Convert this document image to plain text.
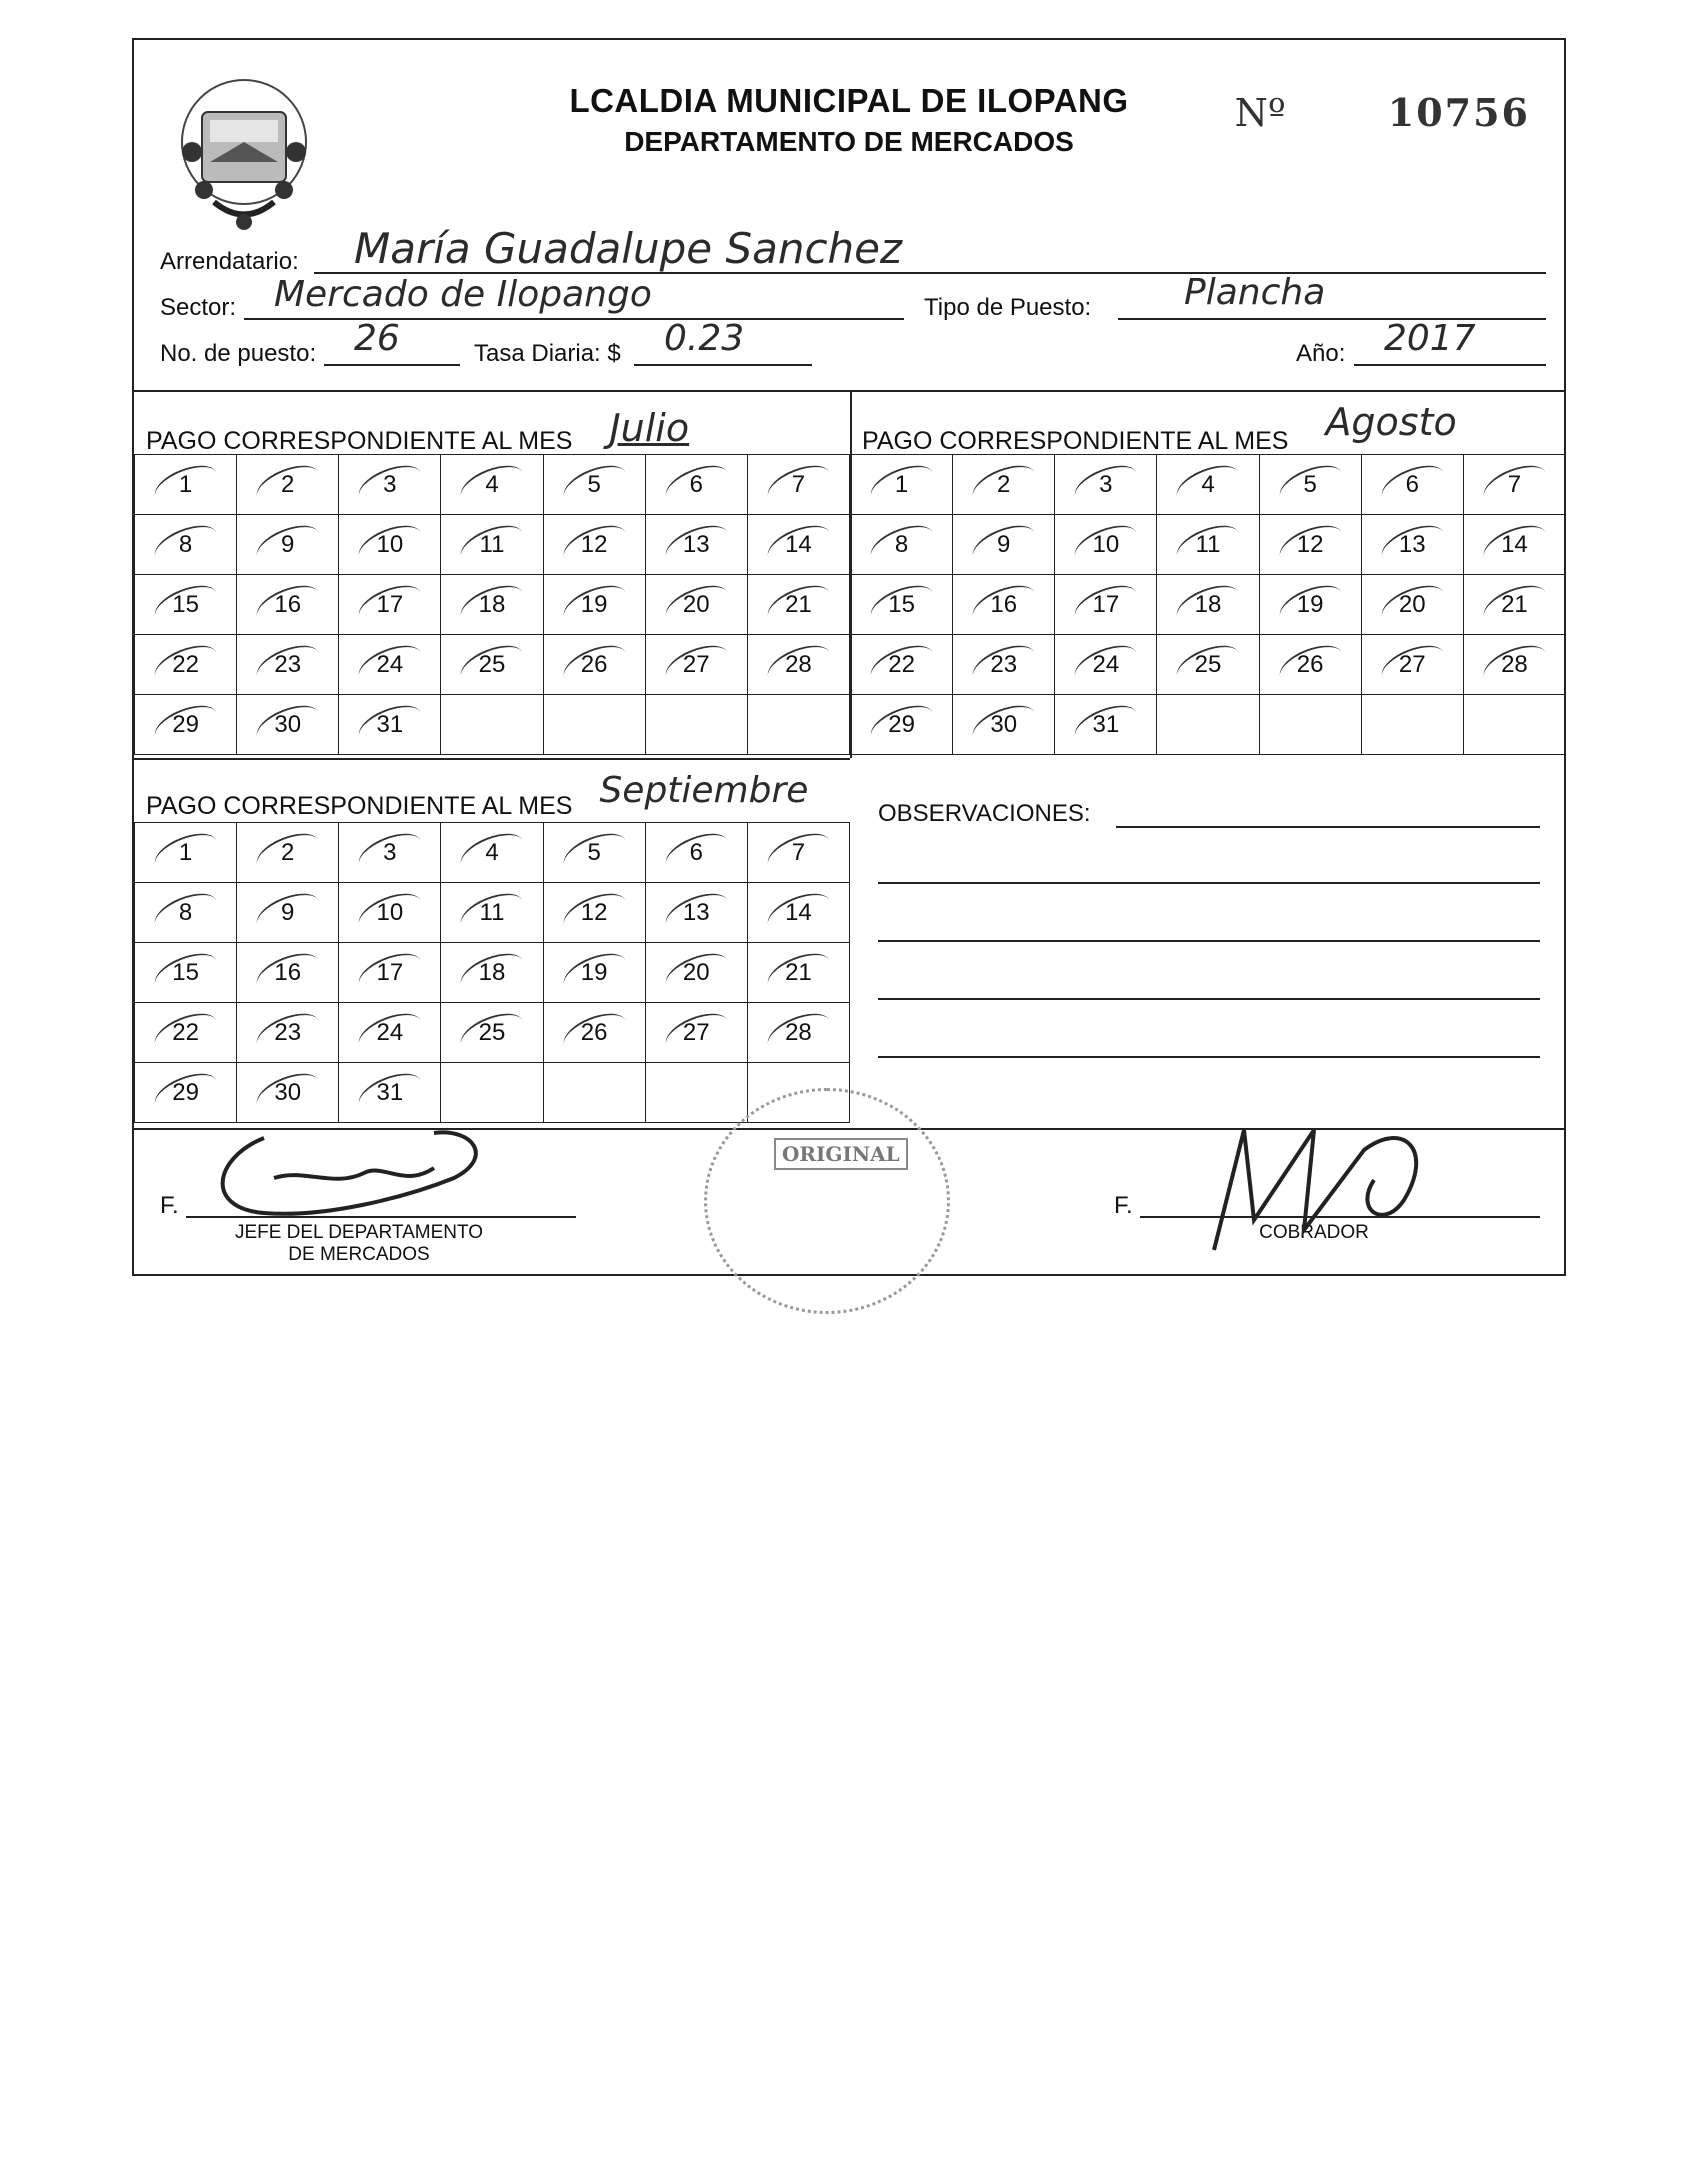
LCALDIA MUNICIPAL DE ILOPANG
DEPARTAMENTO DE MERCADOS
Nº	10756
Arrendatario: María Guadalupe Sanchez
Sector: Mercado de Ilopango	Tipo de Puesto:	Plancha
No. de puesto: 26	Tasa Diaria: $ 0.23	Año: 2017
PAGO CORRESPONDIENTE AL MES Julio
1	2	3	4	5	6	7

8	9	10	11	12	13	14

15	16	17	18	19	20	21

22	23	24	25	26	27	28

29	30	31

PAGO CORRESPONDIENTE AL MES Agosto
1	2	3	4	5	6	7

8	9	10	11	12	13	14

15	16	17	18	19	20	21

22	23	24	25	26	27	28

29	30	31

PAGO CORRESPONDIENTE AL MES Septiembre
1	2	3	4	5	6	7

8	9	10	11	12	13	14

15	16	17	18	19	20	21

22	23	24	25	26	27	28

29	30	31

OBSERVACIONES:
F.
JEFE DEL DEPARTAMENTO
DE MERCADOS
F.
COBRADOR
ORIGINAL
